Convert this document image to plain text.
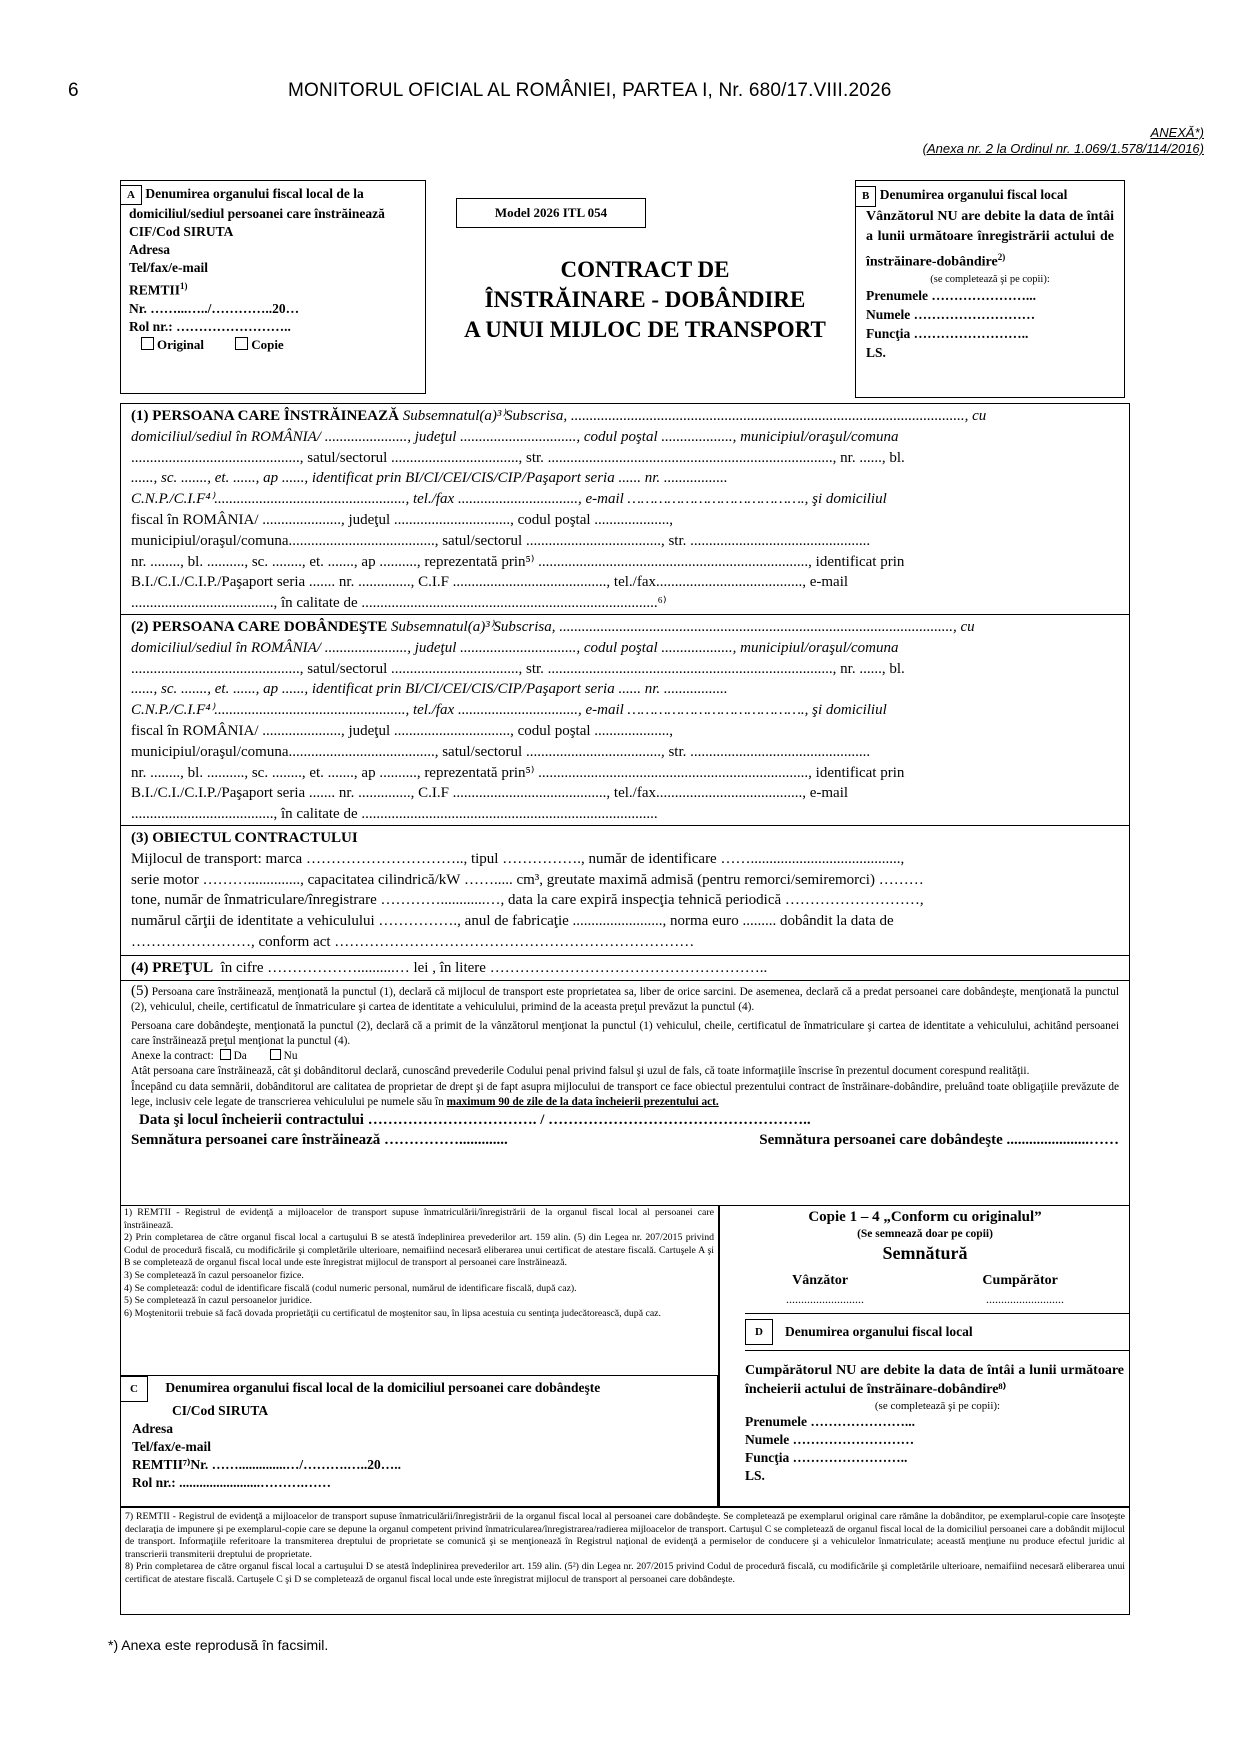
6	MONITORUL OFICIAL AL ROMÂNIEI, PARTEA I, Nr. 680/17.VIII.2026
ANEXĂ*)
(Anexa nr. 2 la Ordinul nr. 1.069/1.578/114/2016)
A Denumirea organului fiscal local de la domiciliul/sediul persoanei care înstrăinează
CIF/Cod SIRUTA
Adresa
Tel/fax/e-mail
REMTII$^{1)}$
Nr. ……...…../…………..20…
Rol nr.: ……………………..
Original	Copie
Model 2026 ITL 054
CONTRACT DE
ÎNSTRĂINARE - DOBÂNDIRE
A UNUI MIJLOC DE TRANSPORT
B Denumirea organului fiscal local
Vânzătorul NU are debite la data de întâi a lunii următoare înregistrării actului de înstrăinare-dobândire$^{2)}$
(se completează şi pe copii):
Prenumele …………………...
Numele ………………………
Funcţia ……………………..
LS.
(1) PERSOANA CARE ÎNSTRĂINEAZĂ
Subsemnatul(a)³⁾Subscrisa, ........................................................................................................., cu
domiciliul/sediul în ROMÂNIA/ ......................, judeţul ..............................., codul poştal ..................., municipiul/oraşul/comuna
............................................., satul/sectorul .................................., str. ............................................................................, nr. ......, bl.
......, sc. ......., et. ......, ap ......, identificat prin BI/CI/CEI/CIS/CIP/Paşaport seria ...... nr. .................
C.N.P./C.I.F⁴⁾..................................................., tel./fax ................................, e-mail …………………………………., şi domiciliul
fiscal în ROMÂNIA/ ....................., judeţul ..............................., codul poştal ....................,
municipiul/oraşul/comuna......................................., satul/sectorul ...................................., str. ................................................
nr. ........, bl. .........., sc. ........, et. ......., ap .........., reprezentată prin⁵⁾ ........................................................................, identificat prin
B.I./C.I./C.I.P./Paşaport seria ....... nr. .............., C.I.F ........................................., tel./fax......................................., e-mail
......................................, în calitate de ...............................................................................⁶⁾
(2) PERSOANA CARE DOBÂNDEŞTE
Subsemnatul(a)³⁾Subscrisa, ........................................................................................................., cu
domiciliul/sediul în ROMÂNIA/ ......................, judeţul ..............................., codul poştal ..................., municipiul/oraşul/comuna
............................................., satul/sectorul .................................., str. ............................................................................, nr. ......, bl.
......, sc. ......., et. ......, ap ......, identificat prin BI/CI/CEI/CIS/CIP/Paşaport seria ...... nr. .................
C.N.P./C.I.F⁴⁾..................................................., tel./fax ................................, e-mail …………………………………., şi domiciliul
fiscal în ROMÂNIA/ ....................., judeţul ..............................., codul poştal ....................,
municipiul/oraşul/comuna......................................., satul/sectorul ...................................., str. ................................................
nr. ........, bl. .........., sc. ........, et. ......., ap .........., reprezentată prin⁵⁾ ........................................................................, identificat prin
B.I./C.I./C.I.P./Paşaport seria ....... nr. .............., C.I.F ........................................., tel./fax......................................., e-mail
......................................, în calitate de ...............................................................................
(3) OBIECTUL CONTRACTULUI
Mijlocul de transport: marca ………………………….., tipul ……………., număr de identificare ……........................................,
serie motor ……….............., capacitatea cilindrică/kW ……..... cm³, greutate maximă admisă (pentru remorci/semiremorci) ………
tone, număr de înmatriculare/înregistrare …………............…, data la care expiră inspecţia tehnică periodică ………………………,
numărul cărţii de identitate a vehiculului ……………., anul de fabricaţie ........................, norma euro ......... dobândit la data de
……………………, conform act ………………………………………………………………
(4) PREŢUL în cifre ………………..........… lei , în litere ………………………………………………..
(5) Persoana care înstrăinează, menţionată la punctul (1), declară că mijlocul de transport este proprietatea sa, liber de orice sarcini. De asemenea, declară că a predat persoanei care dobândeşte, menţionată la punctul (2), vehiculul, cheile, certificatul de înmatriculare şi cartea de identitate a vehiculului, primind de la aceasta preţul prevăzut la punctul (4).
Persoana care dobândeşte, menţionată la punctul (2), declară că a primit de la vânzătorul menţionat la punctul (1) vehiculul, cheile, certificatul de înmatriculare şi cartea de identitate a vehiculului, achitând persoanei care înstrăinează preţul menţionat la punctul (4).
Anexe la contract: Da	Nu
Atât persoana care înstrăinează, cât şi dobânditorul declară, cunoscând prevederile Codului penal privind falsul şi uzul de fals, că toate informaţiile înscrise în prezentul document corespund realităţii.
Începând cu data semnării, dobânditorul are calitatea de proprietar de drept şi de fapt asupra mijlocului de transport ce face obiectul prezentului contract de înstrăinare-dobândire, preluând toate obligaţiile prevăzute de lege, inclusiv cele legate de transcrierea vehiculului pe numele său în maximum 90 de zile de la data încheierii prezentului act.
Data şi locul încheierii contractului ……………………………. / ……………………………………………..
Semnătura persoanei care înstrăinează …………….............	Semnătura persoanei care dobândeşte ......................……
1) REMTII - Registrul de evidenţă a mijloacelor de transport supuse înmatriculării/înregistrării de la organul fiscal local al persoanei care înstrăinează.
2) Prin completarea de către organul fiscal local a cartuşului B se atestă îndeplinirea prevederilor art. 159 alin. (5) din Legea nr. 207/2015 privind Codul de procedură fiscală, cu modificările şi completările ulterioare, nemaifiind necesară eliberarea unui certificat de atestare fiscală. Cartuşele A şi B se completează de organul fiscal local unde este înregistrat mijlocul de transport al persoanei care înstrăinează.
3) Se completează în cazul persoanelor fizice.
4) Se completează: codul de identificare fiscală (codul numeric personal, numărul de identificare fiscală, după caz).
5) Se completează în cazul persoanelor juridice.
6) Moştenitorii trebuie să facă dovada proprietăţii cu certificatul de moştenitor sau, în lipsa acestuia cu sentinţa judecătorească, după caz.
Copie 1 – 4 „Conform cu originalul”
(Se semnează doar pe copii)
Semnătură
Vânzător	Cumpărător
..........................	..........................
C Denumirea organului fiscal local de la domiciliul persoanei care dobândeşte
CI/Cod SIRUTA
Adresa
Tel/fax/e-mail
REMTII⁷⁾Nr. ……..............…/……….…..20…..
Rol nr.: ........................……….……
D	Denumirea organului fiscal local
Cumpărătorul NU are debite la data de întâi a lunii următoare încheierii actului de înstrăinare-dobândire⁸⁾
(se completează şi pe copii):
Prenumele …………………...
Numele ………………………
Funcţia ……………………..
LS.
7) REMTII - Registrul de evidenţă a mijloacelor de transport supuse înmatriculării/înregistrării de la organul fiscal local al persoanei care dobândeşte. Se completează pe exemplarul original care rămâne la dobânditor, pe exemplarul-copie care însoţeşte declaraţia de impunere şi pe exemplarul-copie care se depune la organul competent privind înmatricularea/înregistrarea/radierea mijloacelor de transport. Cartuşul C se completează de organul fiscal local de la domiciliul persoanei care a dobândit mijlocul de transport. Informaţiile referitoare la transmiterea dreptului de proprietate se comunică şi se menţionează în Registrul naţional de evidenţă a permiselor de conducere şi a vehiculelor înmatriculate; această menţiune nu produce efectul juridic al transcrierii transmiterii dreptului de proprietate.
8) Prin completarea de către organul fiscal local a cartuşului D se atestă îndeplinirea prevederilor art. 159 alin. (5²) din Legea nr. 207/2015 privind Codul de procedură fiscală, cu modificările şi completările ulterioare, nemaifiind necesară eliberarea unui certificat de atestare fiscală. Cartuşele C şi D se completează de organul fiscal local unde este înregistrat mijlocul de transport al persoanei care dobândeşte.
*) Anexa este reprodusă în facsimil.
